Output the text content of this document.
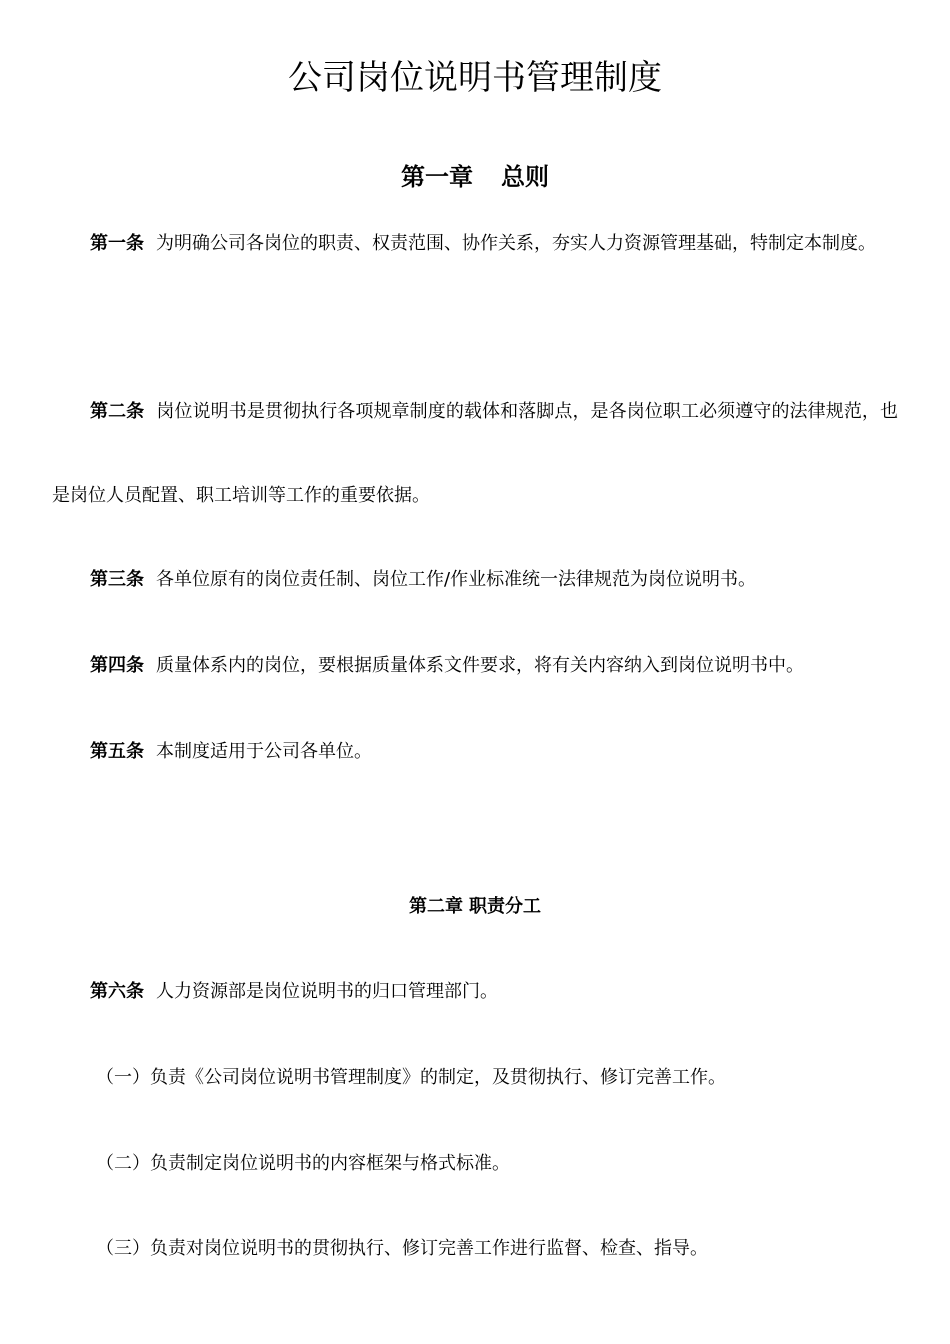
公司岗位说明书管理制度
第一章 总则

第一条 为明确公司各岗位的职责、权责范围、协作关系，夯实人力资源管理基础，特制定本制度。

第二条 岗位说明书是贯彻执行各项规章制度的载体和落脚点，是各岗位职工必须遵守的法律规范，也是岗位人员配置、职工培训等工作的重要依据。

第三条 各单位原有的岗位责任制、岗位工作/作业标准统一法律规范为岗位说明书。

第四条 质量体系内的岗位，要根据质量体系文件要求，将有关内容纳入到岗位说明书中。

第五条 本制度适用于公司各单位。

第二章 职责分工

第六条 人力资源部是岗位说明书的归口管理部门。

（一）负责《公司岗位说明书管理制度》的制定，及贯彻执行、修订完善工作。

（二）负责制定岗位说明书的内容框架与格式标准。

（三）负责对岗位说明书的贯彻执行、修订完善工作进行监督、检查、指导。
